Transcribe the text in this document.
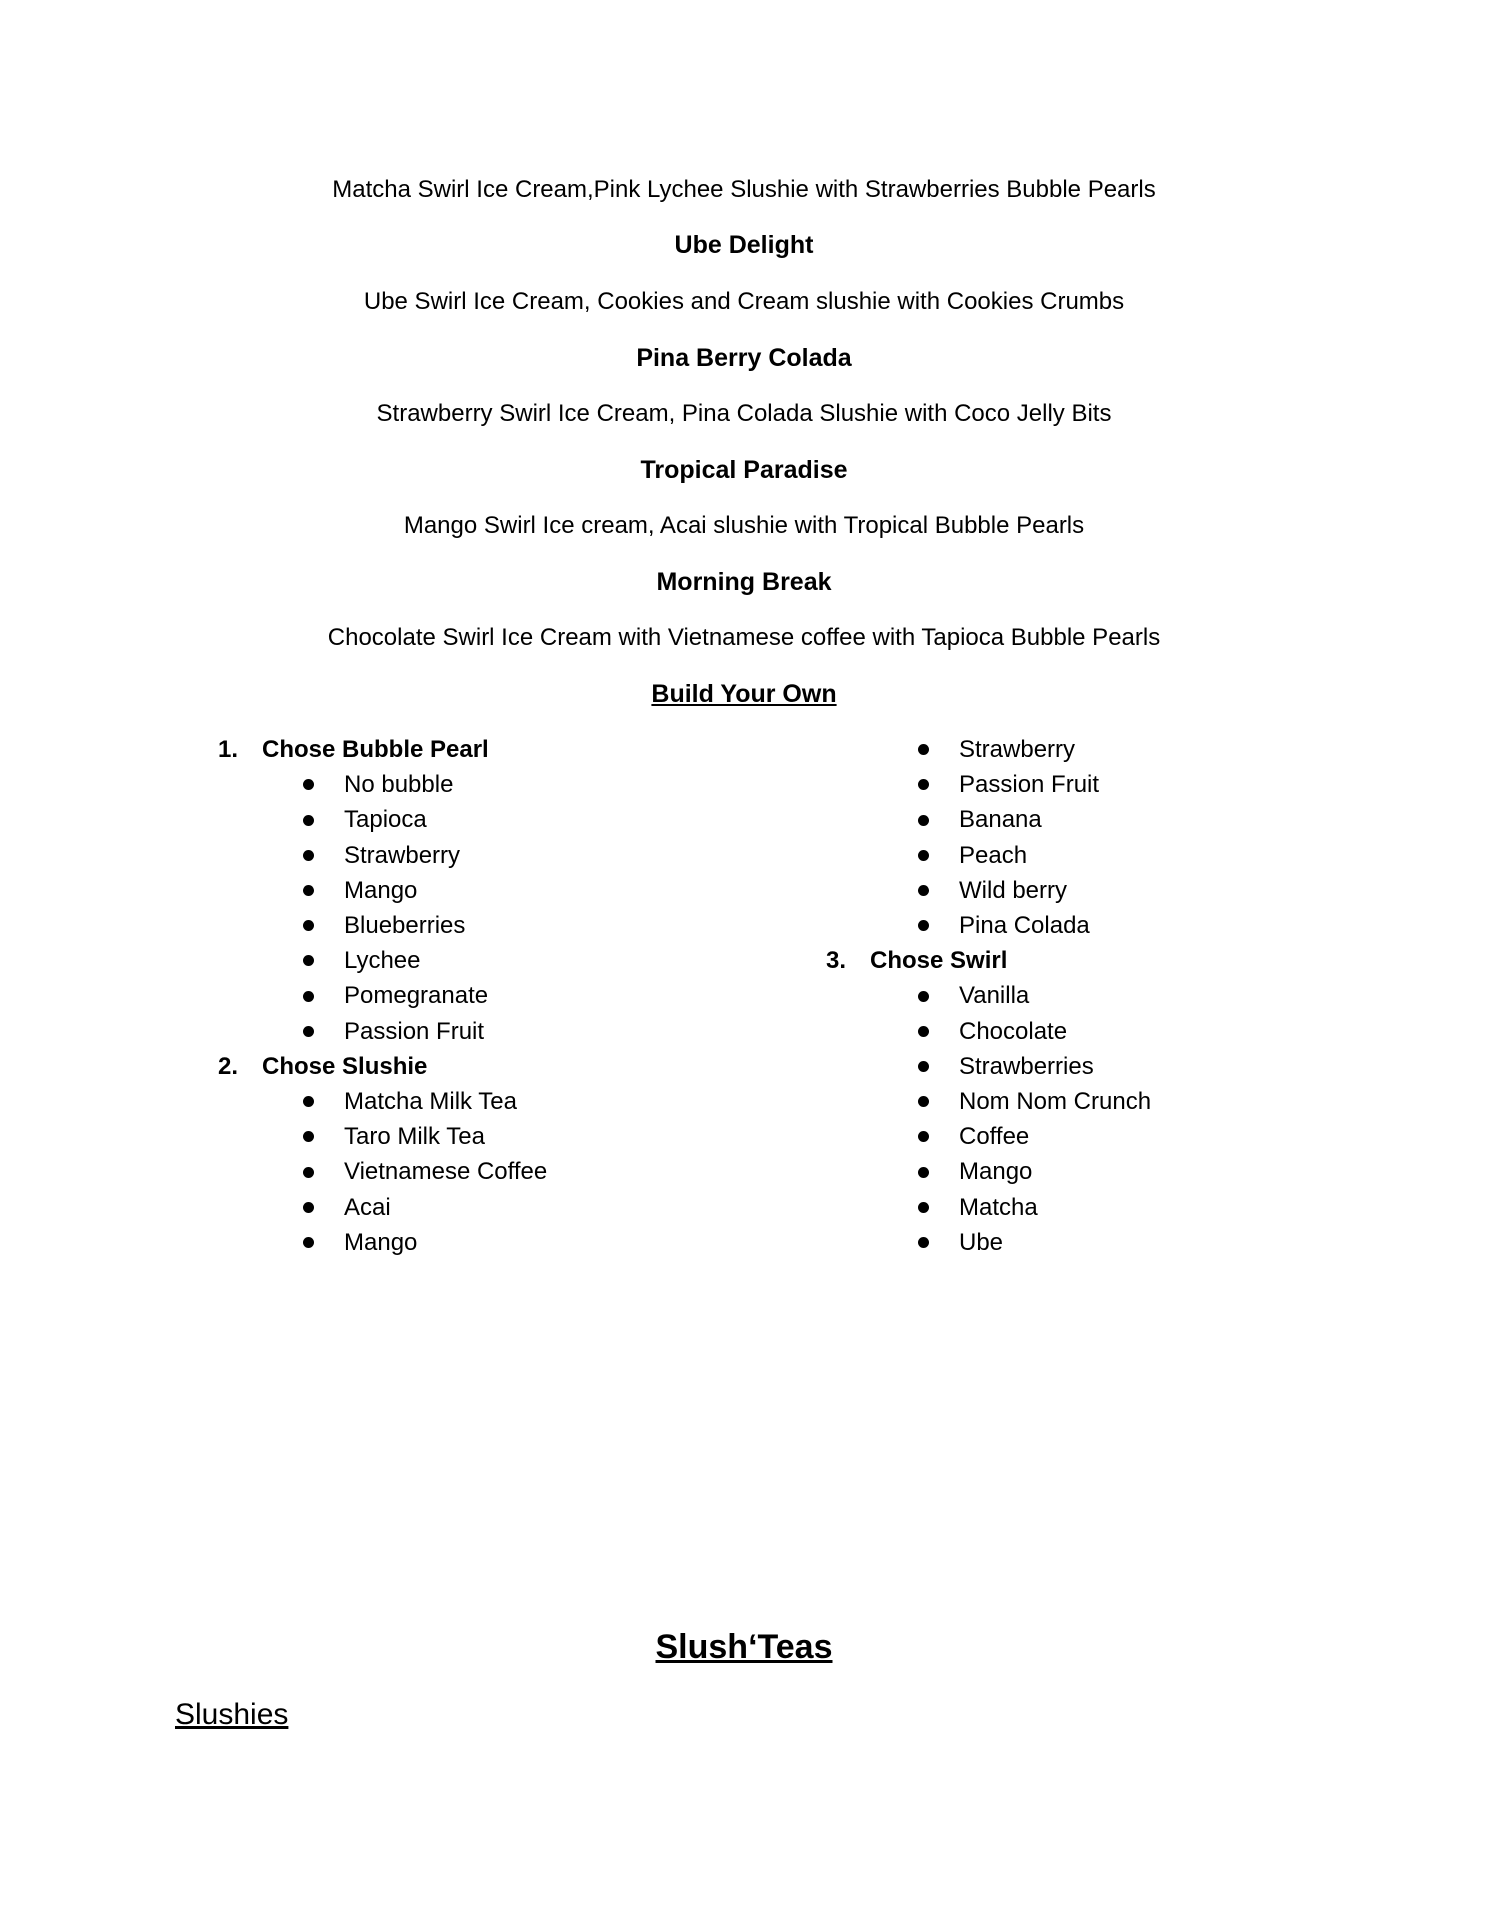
Matcha Swirl Ice Cream,Pink Lychee Slushie with Strawberries Bubble Pearls
Ube Delight
Ube Swirl Ice Cream, Cookies and Cream slushie with Cookies Crumbs
Pina Berry Colada
Strawberry Swirl Ice Cream, Pina Colada Slushie with Coco Jelly Bits
Tropical Paradise
Mango Swirl Ice cream, Acai slushie with Tropical Bubble Pearls
Morning Break
Chocolate Swirl Ice Cream with Vietnamese coffee with Tapioca Bubble Pearls
Build Your Own
1. Chose Bubble Pearl
No bubble
Tapioca
Strawberry
Mango
Blueberries
Lychee
Pomegranate
Passion Fruit
2. Chose Slushie
Matcha Milk Tea
Taro Milk Tea
Vietnamese Coffee
Acai
Mango
Strawberry
Passion Fruit
Banana
Peach
Wild berry
Pina Colada
3. Chose Swirl
Vanilla
Chocolate
Strawberries
Nom Nom Crunch
Coffee
Mango
Matcha
Ube
Slush‘Teas
Slushies
